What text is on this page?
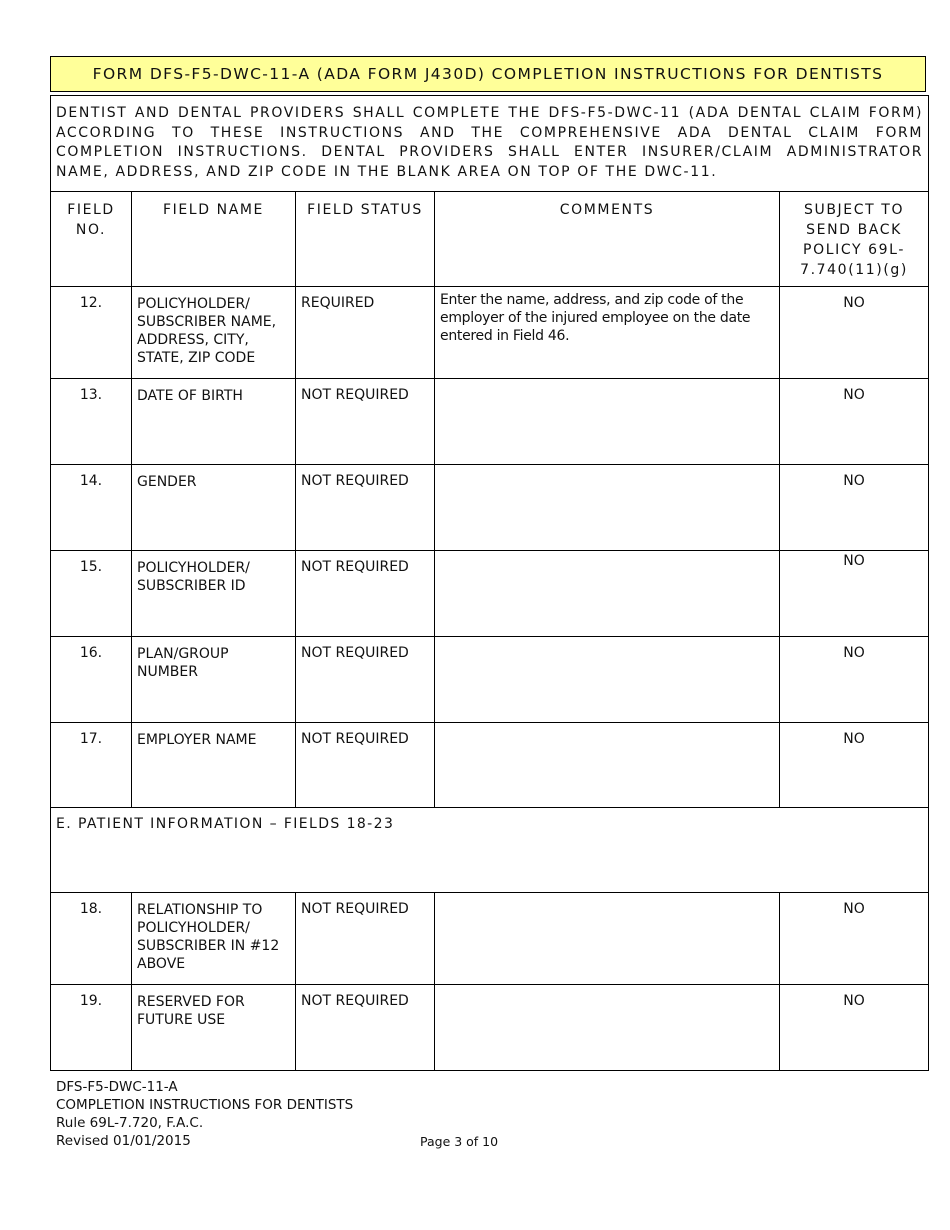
FORM DFS-F5-DWC-11-A (ADA FORM J430D) COMPLETION INSTRUCTIONS FOR DENTISTS
DENTIST AND DENTAL PROVIDERS SHALL COMPLETE THE DFS-F5-DWC-11 (ADA DENTAL CLAIM FORM) ACCORDING TO THESE INSTRUCTIONS AND THE COMPREHENSIVE ADA DENTAL CLAIM FORM COMPLETION INSTRUCTIONS. DENTAL PROVIDERS SHALL ENTER INSURER/CLAIM ADMINISTRATOR NAME, ADDRESS, AND ZIP CODE IN THE BLANK AREA ON TOP OF THE DWC-11.				
FIELD NO.	FIELD NAME	FIELD STATUS	COMMENTS	SUBJECT TO SEND BACK POLICY 69L-7.740(11)(g)
12.	POLICYHOLDER/ SUBSCRIBER NAME, ADDRESS, CITY, STATE, ZIP CODE	REQUIRED	Enter the name, address, and zip code of the employer of the injured employee on the date entered in Field 46.	NO
13.	DATE OF BIRTH	NOT REQUIRED		NO
14.	GENDER	NOT REQUIRED		NO
15.	POLICYHOLDER/ SUBSCRIBER ID	NOT REQUIRED		NO
16.	PLAN/GROUP NUMBER	NOT REQUIRED		NO
17.	EMPLOYER NAME	NOT REQUIRED		NO
E. PATIENT INFORMATION – FIELDS 18-23				
18.	RELATIONSHIP TO POLICYHOLDER/ SUBSCRIBER IN #12 ABOVE	NOT REQUIRED		NO
19.	RESERVED FOR FUTURE USE	NOT REQUIRED		NO
DFS-F5-DWC-11-A
COMPLETION INSTRUCTIONS FOR DENTISTS
Rule 69L-7.720, F.A.C.
Revised 01/01/2015	Page 3 of 10
